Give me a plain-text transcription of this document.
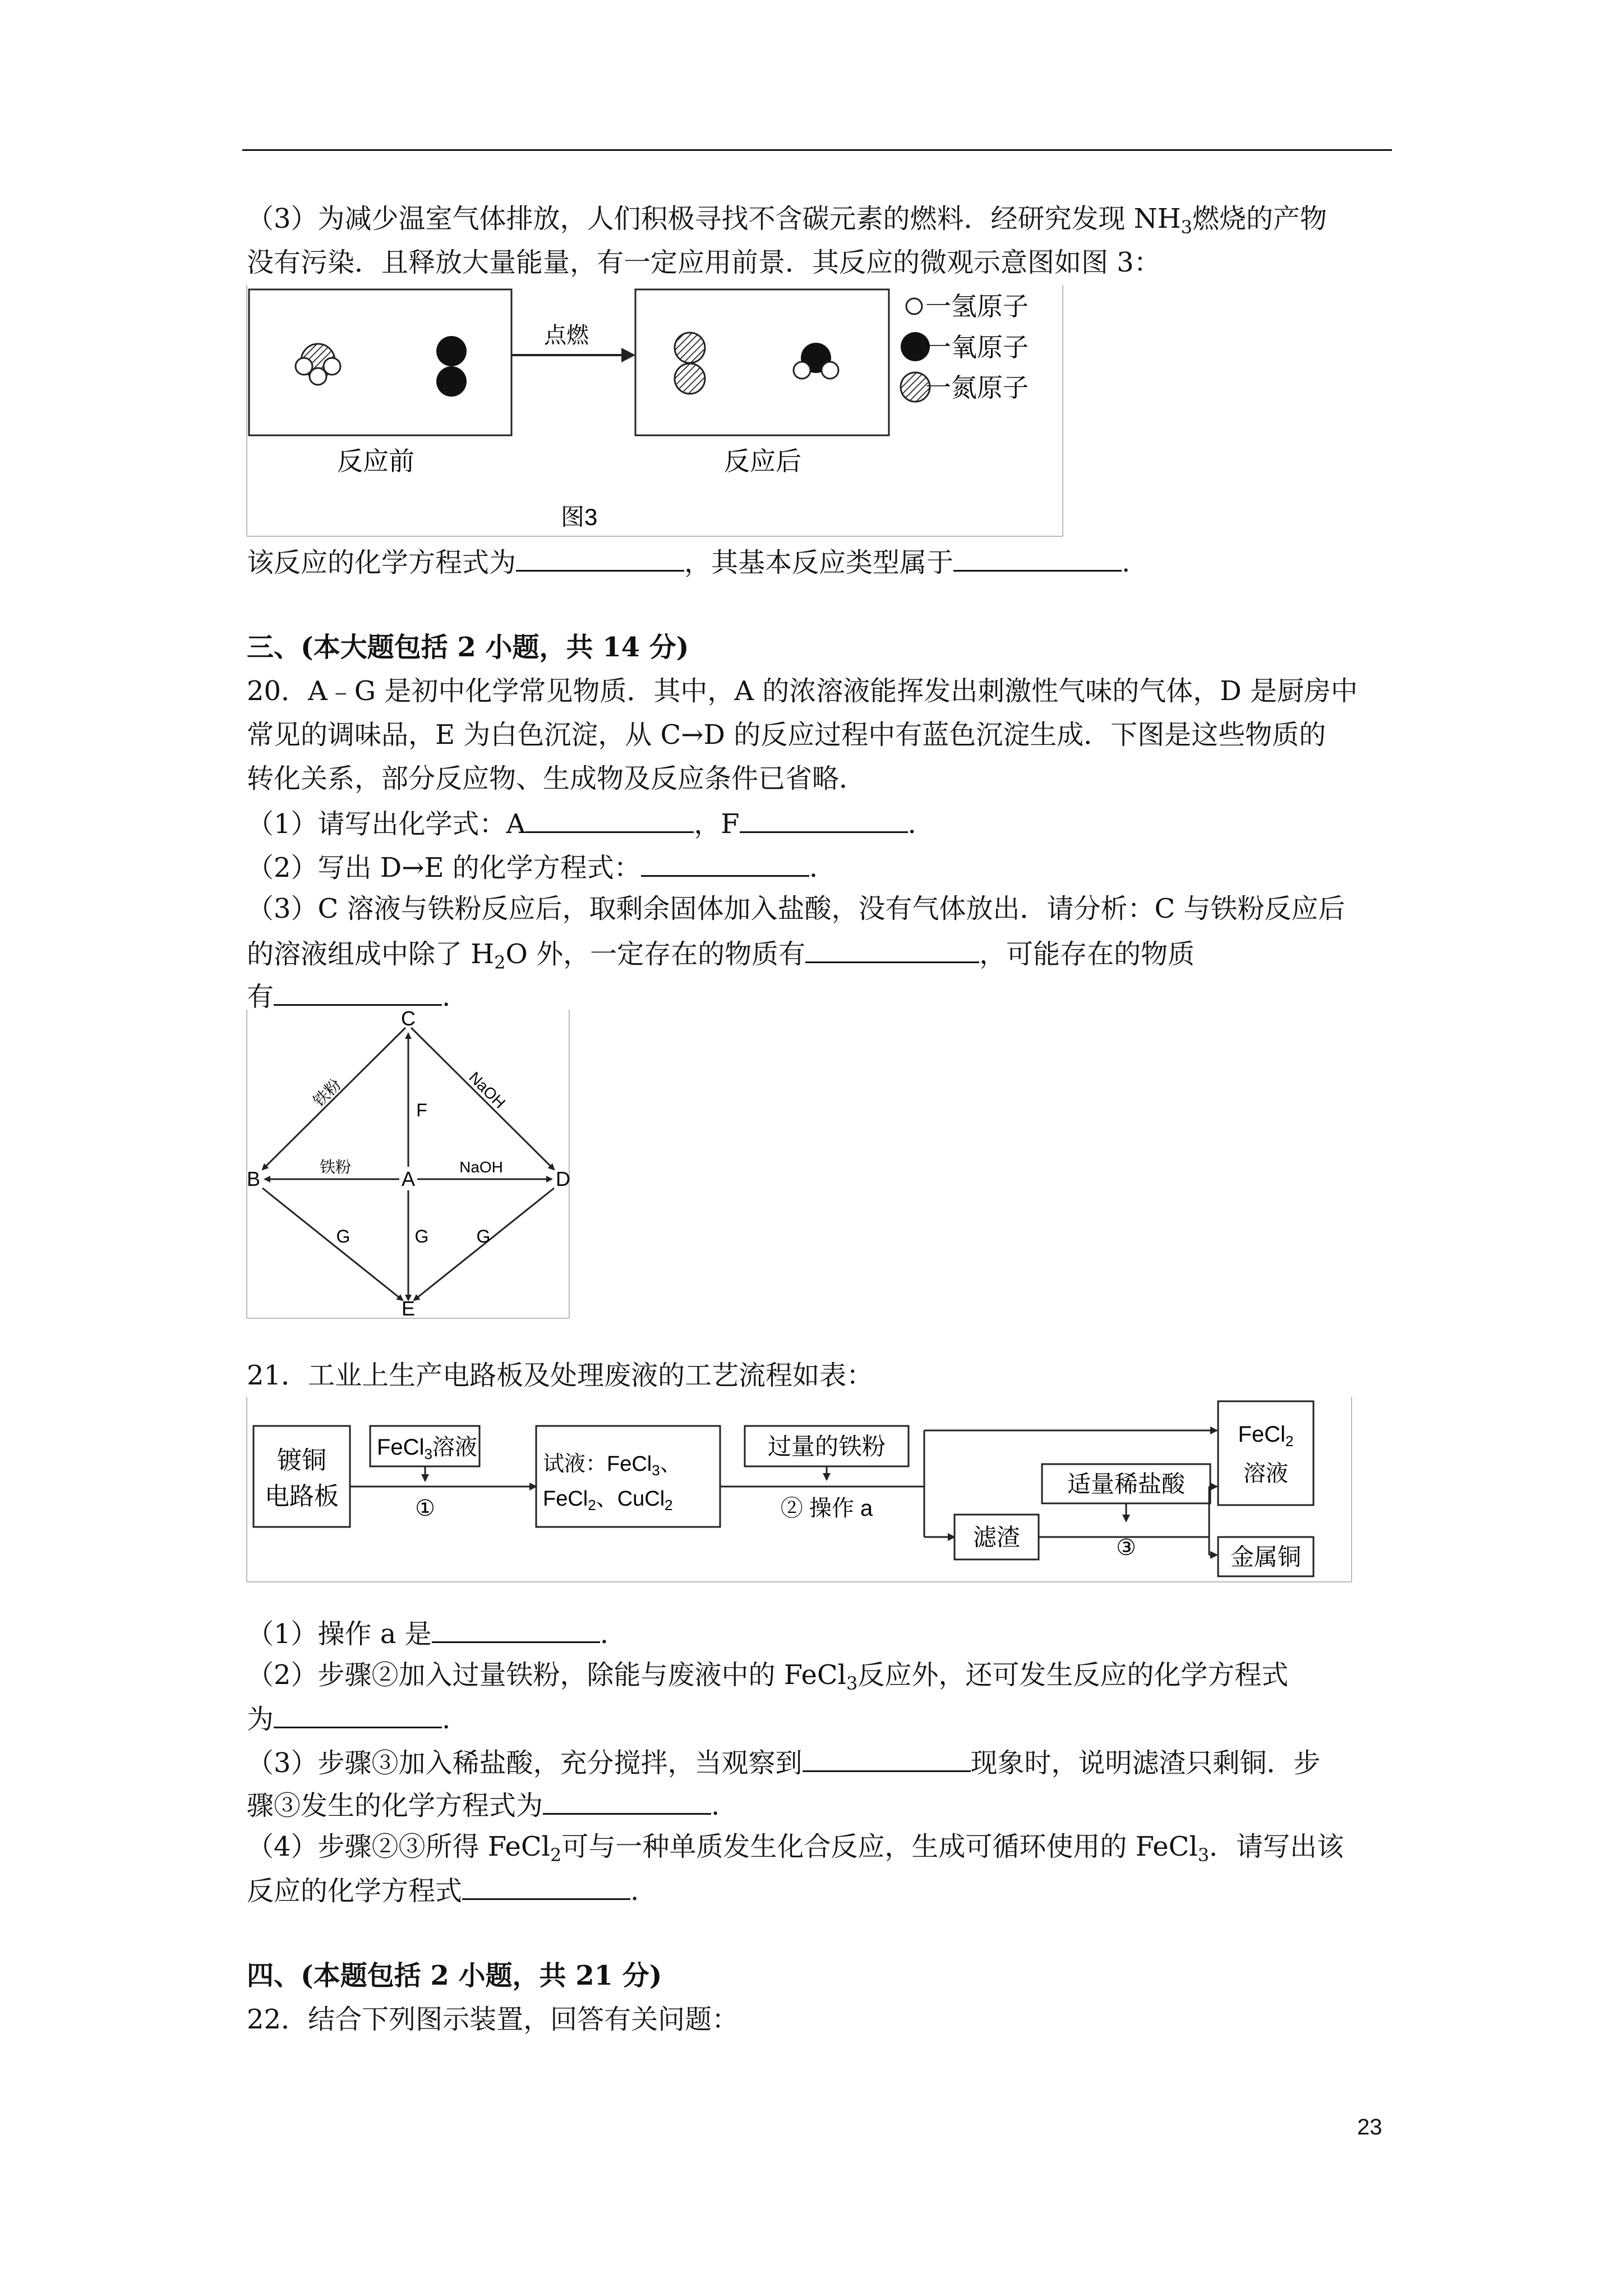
（3）为减少温室气体排放，人们积极寻找不含碳元素的燃料．经研究发现 $NH_3$燃烧的产物
没有污染．且释放大量能量，有一定应用前景．其反应的微观示意图如图 3：
反应前
点燃
反应后
一氢原子
一氧原子
一氮原子
图3
该反应的化学方程式为	，其基本反应类型属于	.
三、(本大题包括 2 小题，共 14 分)
20．A﹣G 是初中化学常见物质．其中，A 的浓溶液能挥发出刺激性气味的气体，D 是厨房中
常见的调味品，E 为白色沉淀，从 C→D 的反应过程中有蓝色沉淀生成．下图是这些物质的
转化关系，部分反应物、生成物及反应条件已省略．
（1）请写出化学式：A	，F	.
（2）写出 D→E 的化学方程式：	.
（3）C 溶液与铁粉反应后，取剩余固体加入盐酸，没有气体放出．请分析：C 与铁粉反应后
的溶液组成中除了 $H_2O$ 外，一定存在的物质有	，可能存在的物质
有	.
C
B	A	D
E
铁粉	NaOH
F
铁粉	NaOH
G	G	G
21．工业上生产电路板及处理废液的工艺流程如表：
镀铜
电路板
FeCl$_3$溶液
①
试液：FeCl$_3$、
FeCl$_2$、CuCl$_2$
过量的铁粉
② 操作 a
滤渣
适量稀盐酸
③
FeCl$_2$
溶液
金属铜
（1）操作 a 是	.
（2）步骤②加入过量铁粉，除能与废液中的 FeCl$_3$反应外，还可发生反应的化学方程式
为	.
（3）步骤③加入稀盐酸，充分搅拌，当观察到	现象时，说明滤渣只剩铜．步
骤③发生的化学方程式为	.
（4）步骤②③所得 FeCl$_2$可与一种单质发生化合反应，生成可循环使用的 FeCl$_3$．请写出该
反应的化学方程式	.
四、(本题包括 2 小题，共 21 分)
22．结合下列图示装置，回答有关问题：
23
